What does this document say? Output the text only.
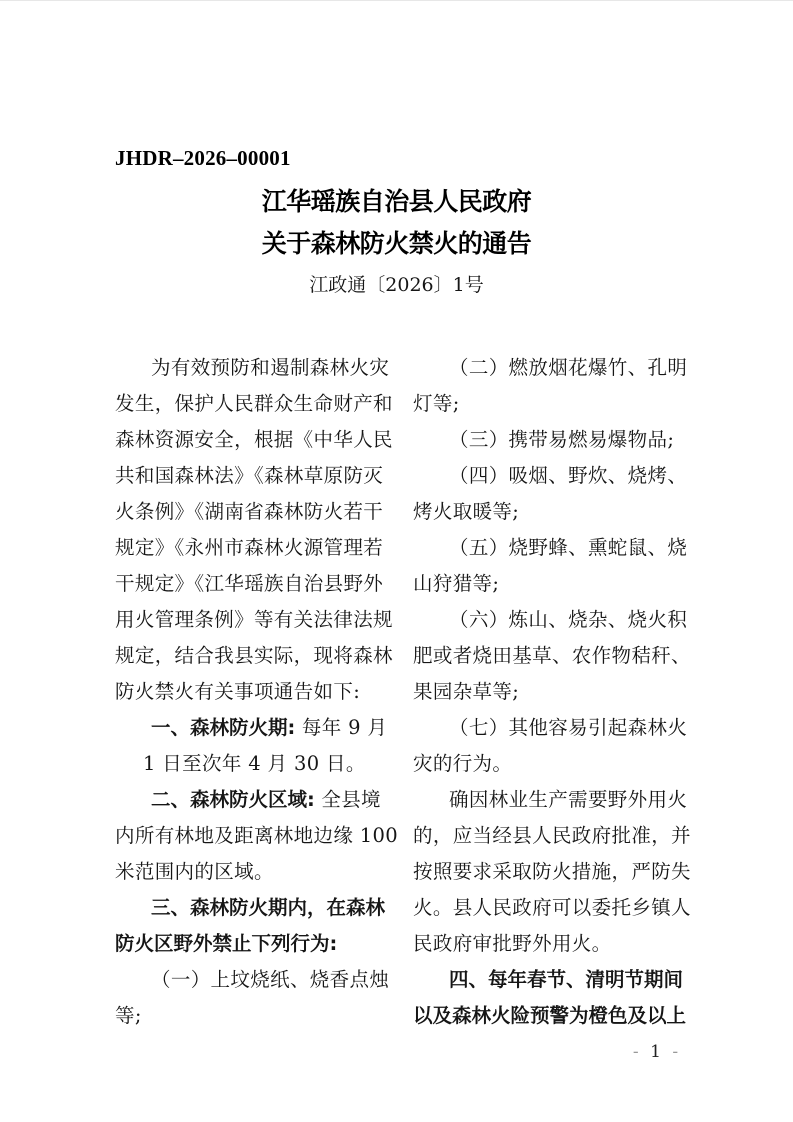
JHDR–2026–00001
江华瑶族自治县人民政府
关于森林防火禁火的通告
江政通〔2026〕1号
为有效预防和遏制森林火灾
发生，保护人民群众生命财产和
森林资源安全，根据《中华人民
共和国森林法》《森林草原防灭
火条例》《湖南省森林防火若干
规定》《永州市森林火源管理若
干规定》《江华瑶族自治县野外
用火管理条例》等有关法律法规
规定，结合我县实际，现将森林
防火禁火有关事项通告如下:
一、森林防火期: 每年 9 月
1 日至次年 4 月 30 日。
二、森林防火区域: 全县境
内所有林地及距离林地边缘 100
米范围内的区域。
三、森林防火期内，在森林
防火区野外禁止下列行为:
（一）上坟烧纸、烧香点烛
等;
（二）燃放烟花爆竹、孔明
灯等;
（三）携带易燃易爆物品;
（四）吸烟、野炊、烧烤、
烤火取暖等;
（五）烧野蜂、熏蛇鼠、烧
山狩猎等;
（六）炼山、烧杂、烧火积
肥或者烧田基草、农作物秸秆、
果园杂草等;
（七）其他容易引起森林火
灾的行为。
确因林业生产需要野外用火
的，应当经县人民政府批准，并
按照要求采取防火措施，严防失
火。县人民政府可以委托乡镇人
民政府审批野外用火。
四、每年春节、清明节期间
以及森林火险预警为橙色及以上
- 1 -
